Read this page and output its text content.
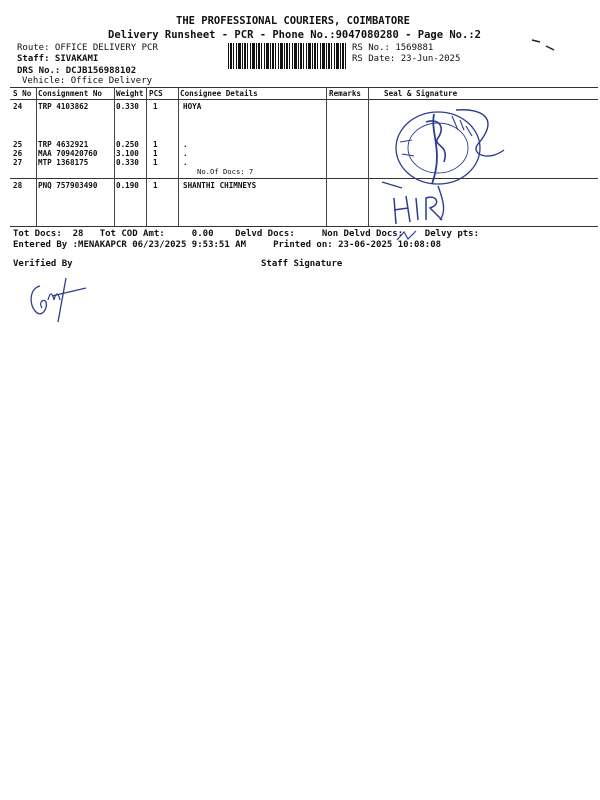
THE PROFESSIONAL COURIERS, COIMBATORE
Delivery Runsheet - PCR - Phone No.:9047080280 - Page No.:2
Route: OFFICE DELIVERY PCR
Staff: SIVAKAMI
DRS No.: DCJB156988102
Vehicle: Office Delivery
RS No.: 1569881
RS Date: 23-Jun-2025
S No Consignment No Weight PCS Consignee Details	Remarks	Seal & Signature
24 TRP 4103862	0.330 1	HOYA
25 TRP 4632921	0.250 1	.
26 MAA 709420760 3.100 1	.
27 MTP 1368175	0.330 1	.
No.Of Docs: 7
28 PNQ 757903490 0.190 1	SHANTHI CHIMNEYS
Tot Docs:  28   Tot COD Amt:     0.00    Delvd Docs:     Non Delvd Docs:    Delvy pts:
Entered By :MENAKAPCR 06/23/2025 9:53:51 AM     Printed on: 23-06-2025 10:08:08
Verified By	Staff Signature
